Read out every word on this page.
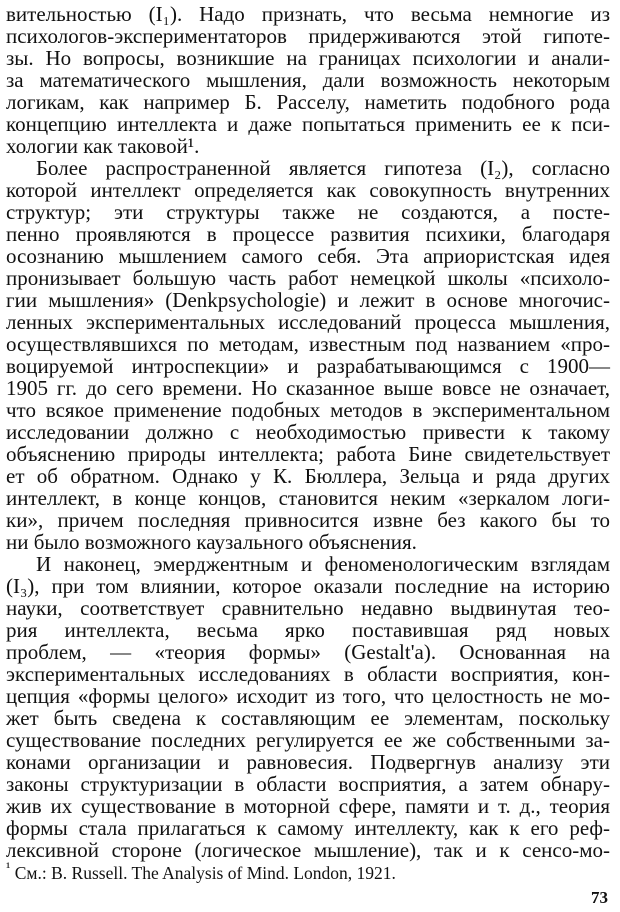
вительностью (I₁). Надо признать, что весьма немногие из
психологов-экспериментаторов придерживаются этой гипоте-
зы. Но вопросы, возникшие на границах психологии и анали-
за математического мышления, дали возможность некоторым
логикам, как например Б. Расселу, наметить подобного рода
концепцию интеллекта и даже попытаться применить ее к пси-
хологии как таковой¹.
Более распространенной является гипотеза (I₂), согласно
которой интеллект определяется как совокупность внутренних
структур; эти структуры также не создаются, а посте-
пенно проявляются в процессе развития психики, благодаря
осознанию мышлением самого себя. Эта априористская идея
пронизывает большую часть работ немецкой школы «психоло-
гии мышления» (Denkpsychologie) и лежит в основе многочис-
ленных экспериментальных исследований процесса мышления,
осуществлявшихся по методам, известным под названием «про-
воцируемой интроспекции» и разрабатывающимся с 1900—
1905 гг. до сего времени. Но сказанное выше вовсе не означает,
что всякое применение подобных методов в экспериментальном
исследовании должно с необходимостью привести к такому
объяснению природы интеллекта; работа Бине свидетельствует
ет об обратном. Однако у К. Бюллера, Зельца и ряда других
интеллект, в конце концов, становится неким «зеркалом логи-
ки», причем последняя привносится извне без какого бы то
ни было возможного каузального объяснения.
И наконец, эмерджентным и феноменологическим взглядам
(I₃), при том влиянии, которое оказали последние на историю
науки, соответствует сравнительно недавно выдвинутая тео-
рия интеллекта, весьма ярко поставившая ряд новых
проблем, — «теория формы» (Gestalt'а). Основанная на
экспериментальных исследованиях в области восприятия, кон-
цепция «формы целого» исходит из того, что целостность не мо-
жет быть сведена к составляющим ее элементам, поскольку
существование последних регулируется ее же собственными за-
конами организации и равновесия. Подвергнув анализу эти
законы структуризации в области восприятия, а затем обнару-
жив их существование в моторной сфере, памяти и т. д., теория
формы стала прилагаться к самому интеллекту, как к его реф-
лексивной стороне (логическое мышление), так и к сенсо-мо-
$^{^1}$ См.: B. Russell. The Analysis of Mind. London, 1921.
73
